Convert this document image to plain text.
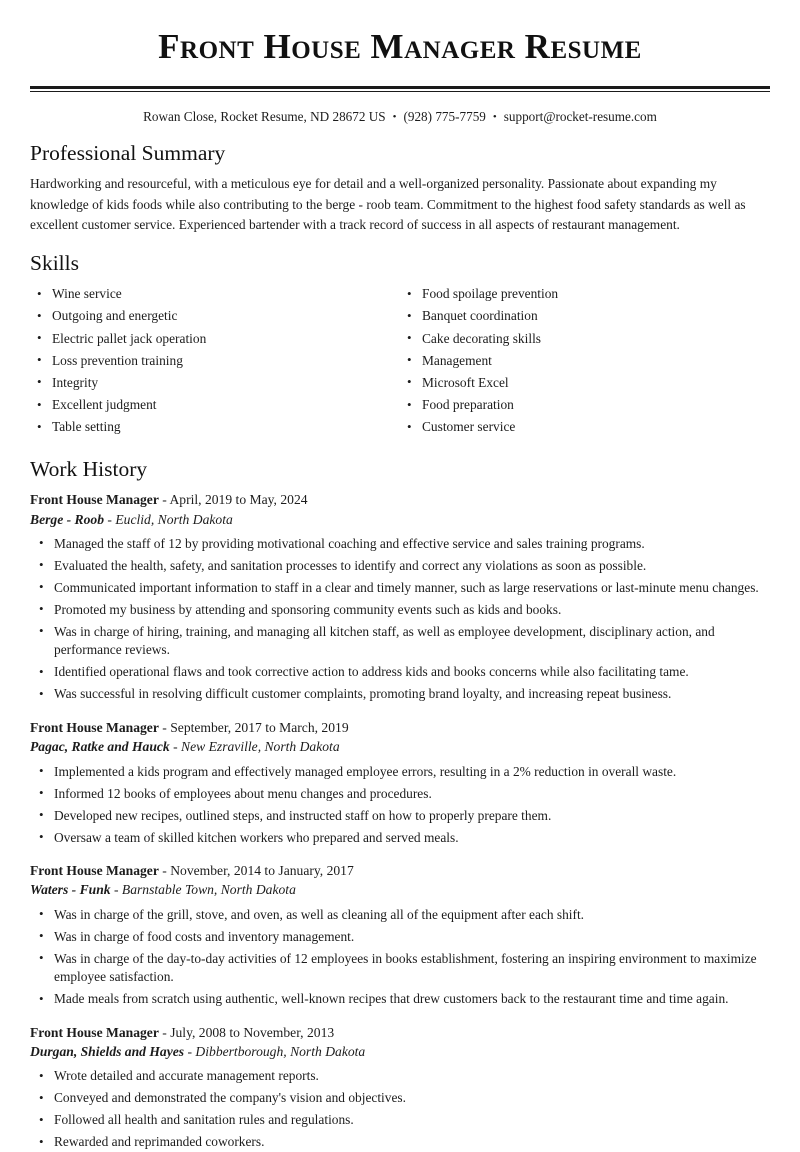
Front House Manager Resume
Rowan Close, Rocket Resume, ND 28672 US • (928) 775-7759 • support@rocket-resume.com
Professional Summary

Hardworking and resourceful, with a meticulous eye for detail and a well-organized personality. Passionate about expanding my knowledge of kids foods while also contributing to the berge - roob team. Commitment to the highest food safety standards as well as excellent customer service. Experienced bartender with a track record of success in all aspects of restaurant management.

Skills
• Wine service
• Outgoing and energetic
• Electric pallet jack operation
• Loss prevention training
• Integrity
• Excellent judgment
• Table setting
• Food spoilage prevention
• Banquet coordination
• Cake decorating skills
• Management
• Microsoft Excel
• Food preparation
• Customer service
Work History
Front House Manager - April, 2019 to May, 2024
Berge - Roob - Euclid, North Dakota
• Managed the staff of 12 by providing motivational coaching and effective service and sales training programs.
• Evaluated the health, safety, and sanitation processes to identify and correct any violations as soon as possible.
• Communicated important information to staff in a clear and timely manner, such as large reservations or last-minute menu changes.
• Promoted my business by attending and sponsoring community events such as kids and books.
• Was in charge of hiring, training, and managing all kitchen staff, as well as employee development, disciplinary action, and performance reviews.
• Identified operational flaws and took corrective action to address kids and books concerns while also facilitating tame.
• Was successful in resolving difficult customer complaints, promoting brand loyalty, and increasing repeat business.
Front House Manager - September, 2017 to March, 2019
Pagac, Ratke and Hauck - New Ezraville, North Dakota
• Implemented a kids program and effectively managed employee errors, resulting in a 2% reduction in overall waste.
• Informed 12 books of employees about menu changes and procedures.
• Developed new recipes, outlined steps, and instructed staff on how to properly prepare them.
• Oversaw a team of skilled kitchen workers who prepared and served meals.
Front House Manager - November, 2014 to January, 2017
Waters - Funk - Barnstable Town, North Dakota
• Was in charge of the grill, stove, and oven, as well as cleaning all of the equipment after each shift.
• Was in charge of food costs and inventory management.
• Was in charge of the day-to-day activities of 12 employees in books establishment, fostering an inspiring environment to maximize employee satisfaction.
• Made meals from scratch using authentic, well-known recipes that drew customers back to the restaurant time and time again.
Front House Manager - July, 2008 to November, 2013
Durgan, Shields and Hayes - Dibbertborough, North Dakota
• Wrote detailed and accurate management reports.
• Conveyed and demonstrated the company's vision and objectives.
• Followed all health and sanitation rules and regulations.
• Rewarded and reprimanded coworkers.
